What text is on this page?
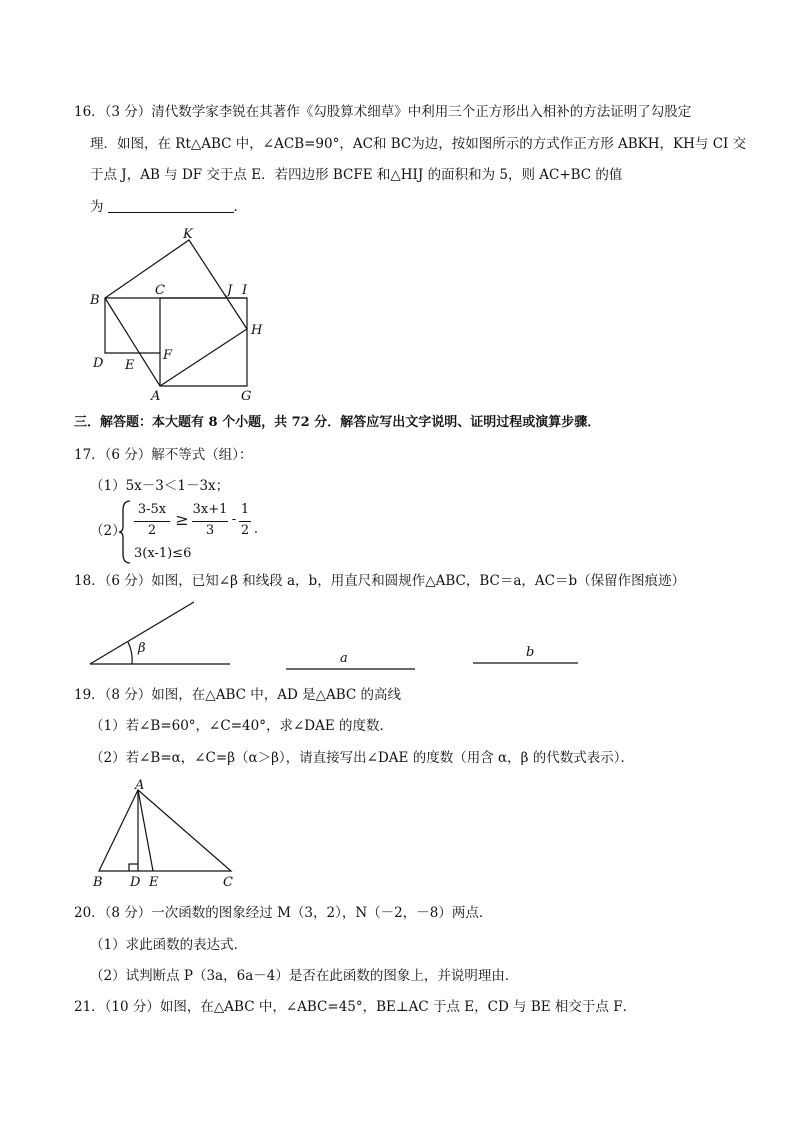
16．（3 分）清代数学家李锐在其著作《勾股算术细草》中利用三个正方形出入相补的方法证明了勾股定
理．如图，在 Rt△ABC 中，∠ACB=90°，AC和 BC为边，按如图所示的方式作正方形 ABKH，KH与 CI 交
于点 J，AB 与 DF 交于点 E．若四边形 BCFE 和△HIJ 的面积和为 5，则 AC+BC 的值
为	．
K
B
C	J I
H
D E
F
A	G
三．解答题：本大题有 8 个小题，共 72 分．解答应写出文字说明、证明过程或演算步骤．
17．（6 分）解不等式（组）：
（1）5x－3＜1－3x；
（2）
3-5x
2
≥
3x+1
3
-
1
2 .
3(x-1)≤6
18．（6 分）如图，已知∠β 和线段 a，b，用直尺和圆规作△ABC，BC＝a，AC＝b（保留作图痕迹）
β
a	b
19．（8 分）如图，在△ABC 中，AD 是△ABC 的高线
（1）若∠B=60°，∠C=40°，求∠DAE 的度数．
（2）若∠B=α，∠C=β（α＞β），请直接写出∠DAE 的度数（用含 α，β 的代数式表示）．
A
B D E	C
20．（8 分）一次函数的图象经过 M（3，2），N（－2，－8）两点．
（1）求此函数的表达式．
（2）试判断点 P（3a，6a－4）是否在此函数的图象上，并说明理由．
21．（10 分）如图，在△ABC 中，∠ABC=45°，BE⊥AC 于点 E，CD 与 BE 相交于点 F．
